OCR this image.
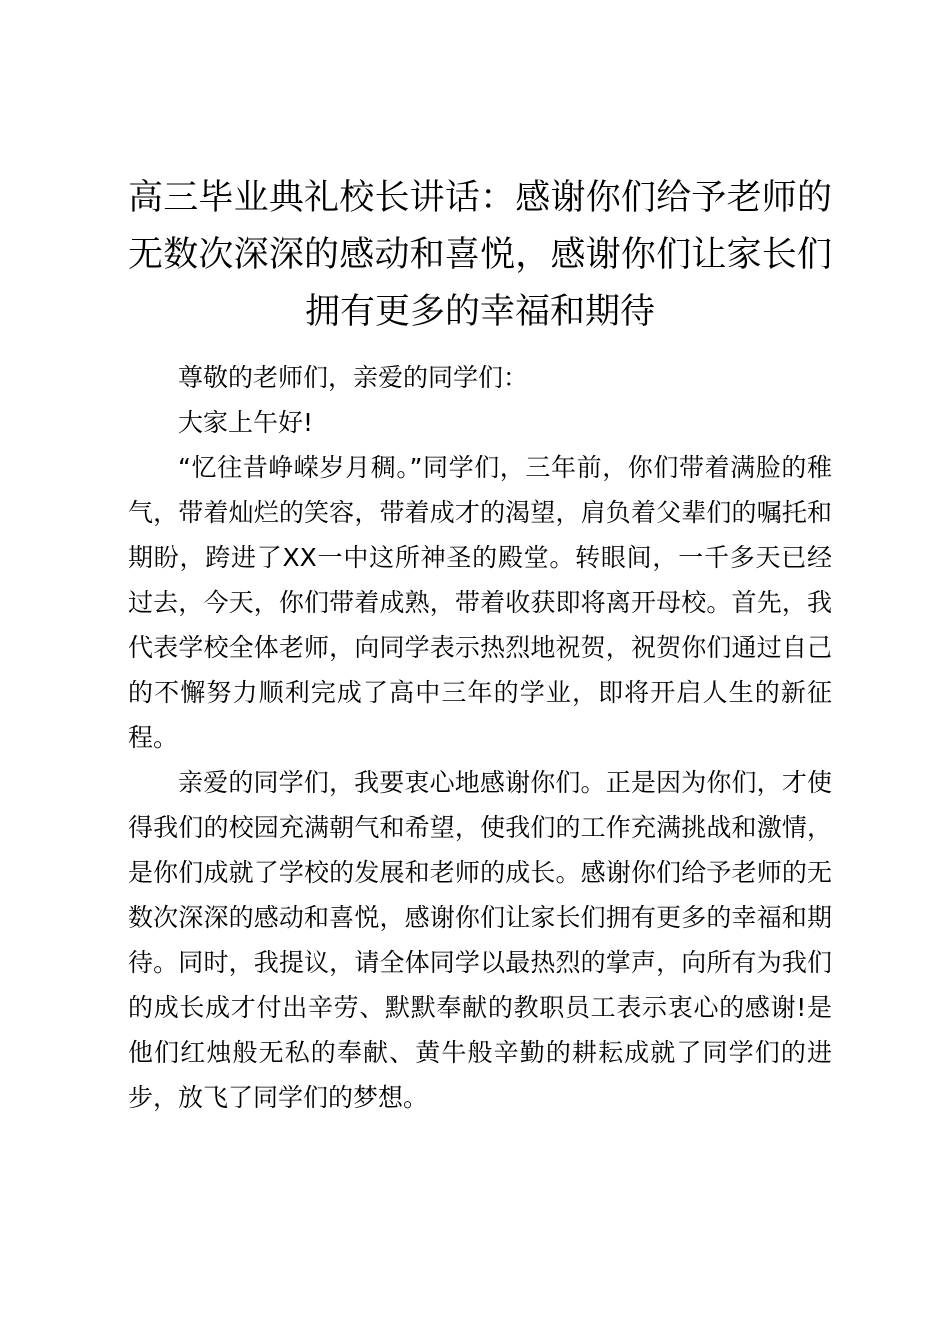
高三毕业典礼校长讲话：感谢你们给予老师的无数次深深的感动和喜悦，感谢你们让家长们拥有更多的幸福和期待

尊敬的老师们，亲爱的同学们：

大家上午好!

“忆往昔峥嵘岁月稠。”同学们，三年前，你们带着满脸的稚气，带着灿烂的笑容，带着成才的渴望，肩负着父辈们的嘱托和期盼，跨进了XX一中这所神圣的殿堂。转眼间，一千多天已经过去，今天，你们带着成熟，带着收获即将离开母校。首先，我代表学校全体老师，向同学表示热烈地祝贺，祝贺你们通过自己的不懈努力顺利完成了高中三年的学业，即将开启人生的新征程。

亲爱的同学们，我要衷心地感谢你们。正是因为你们，才使得我们的校园充满朝气和希望，使我们的工作充满挑战和激情，是你们成就了学校的发展和老师的成长。感谢你们给予老师的无数次深深的感动和喜悦，感谢你们让家长们拥有更多的幸福和期待。同时，我提议，请全体同学以最热烈的掌声，向所有为我们的成长成才付出辛劳、默默奉献的教职员工表示衷心的感谢!是他们红烛般无私的奉献、黄牛般辛勤的耕耘成就了同学们的进步，放飞了同学们的梦想。
